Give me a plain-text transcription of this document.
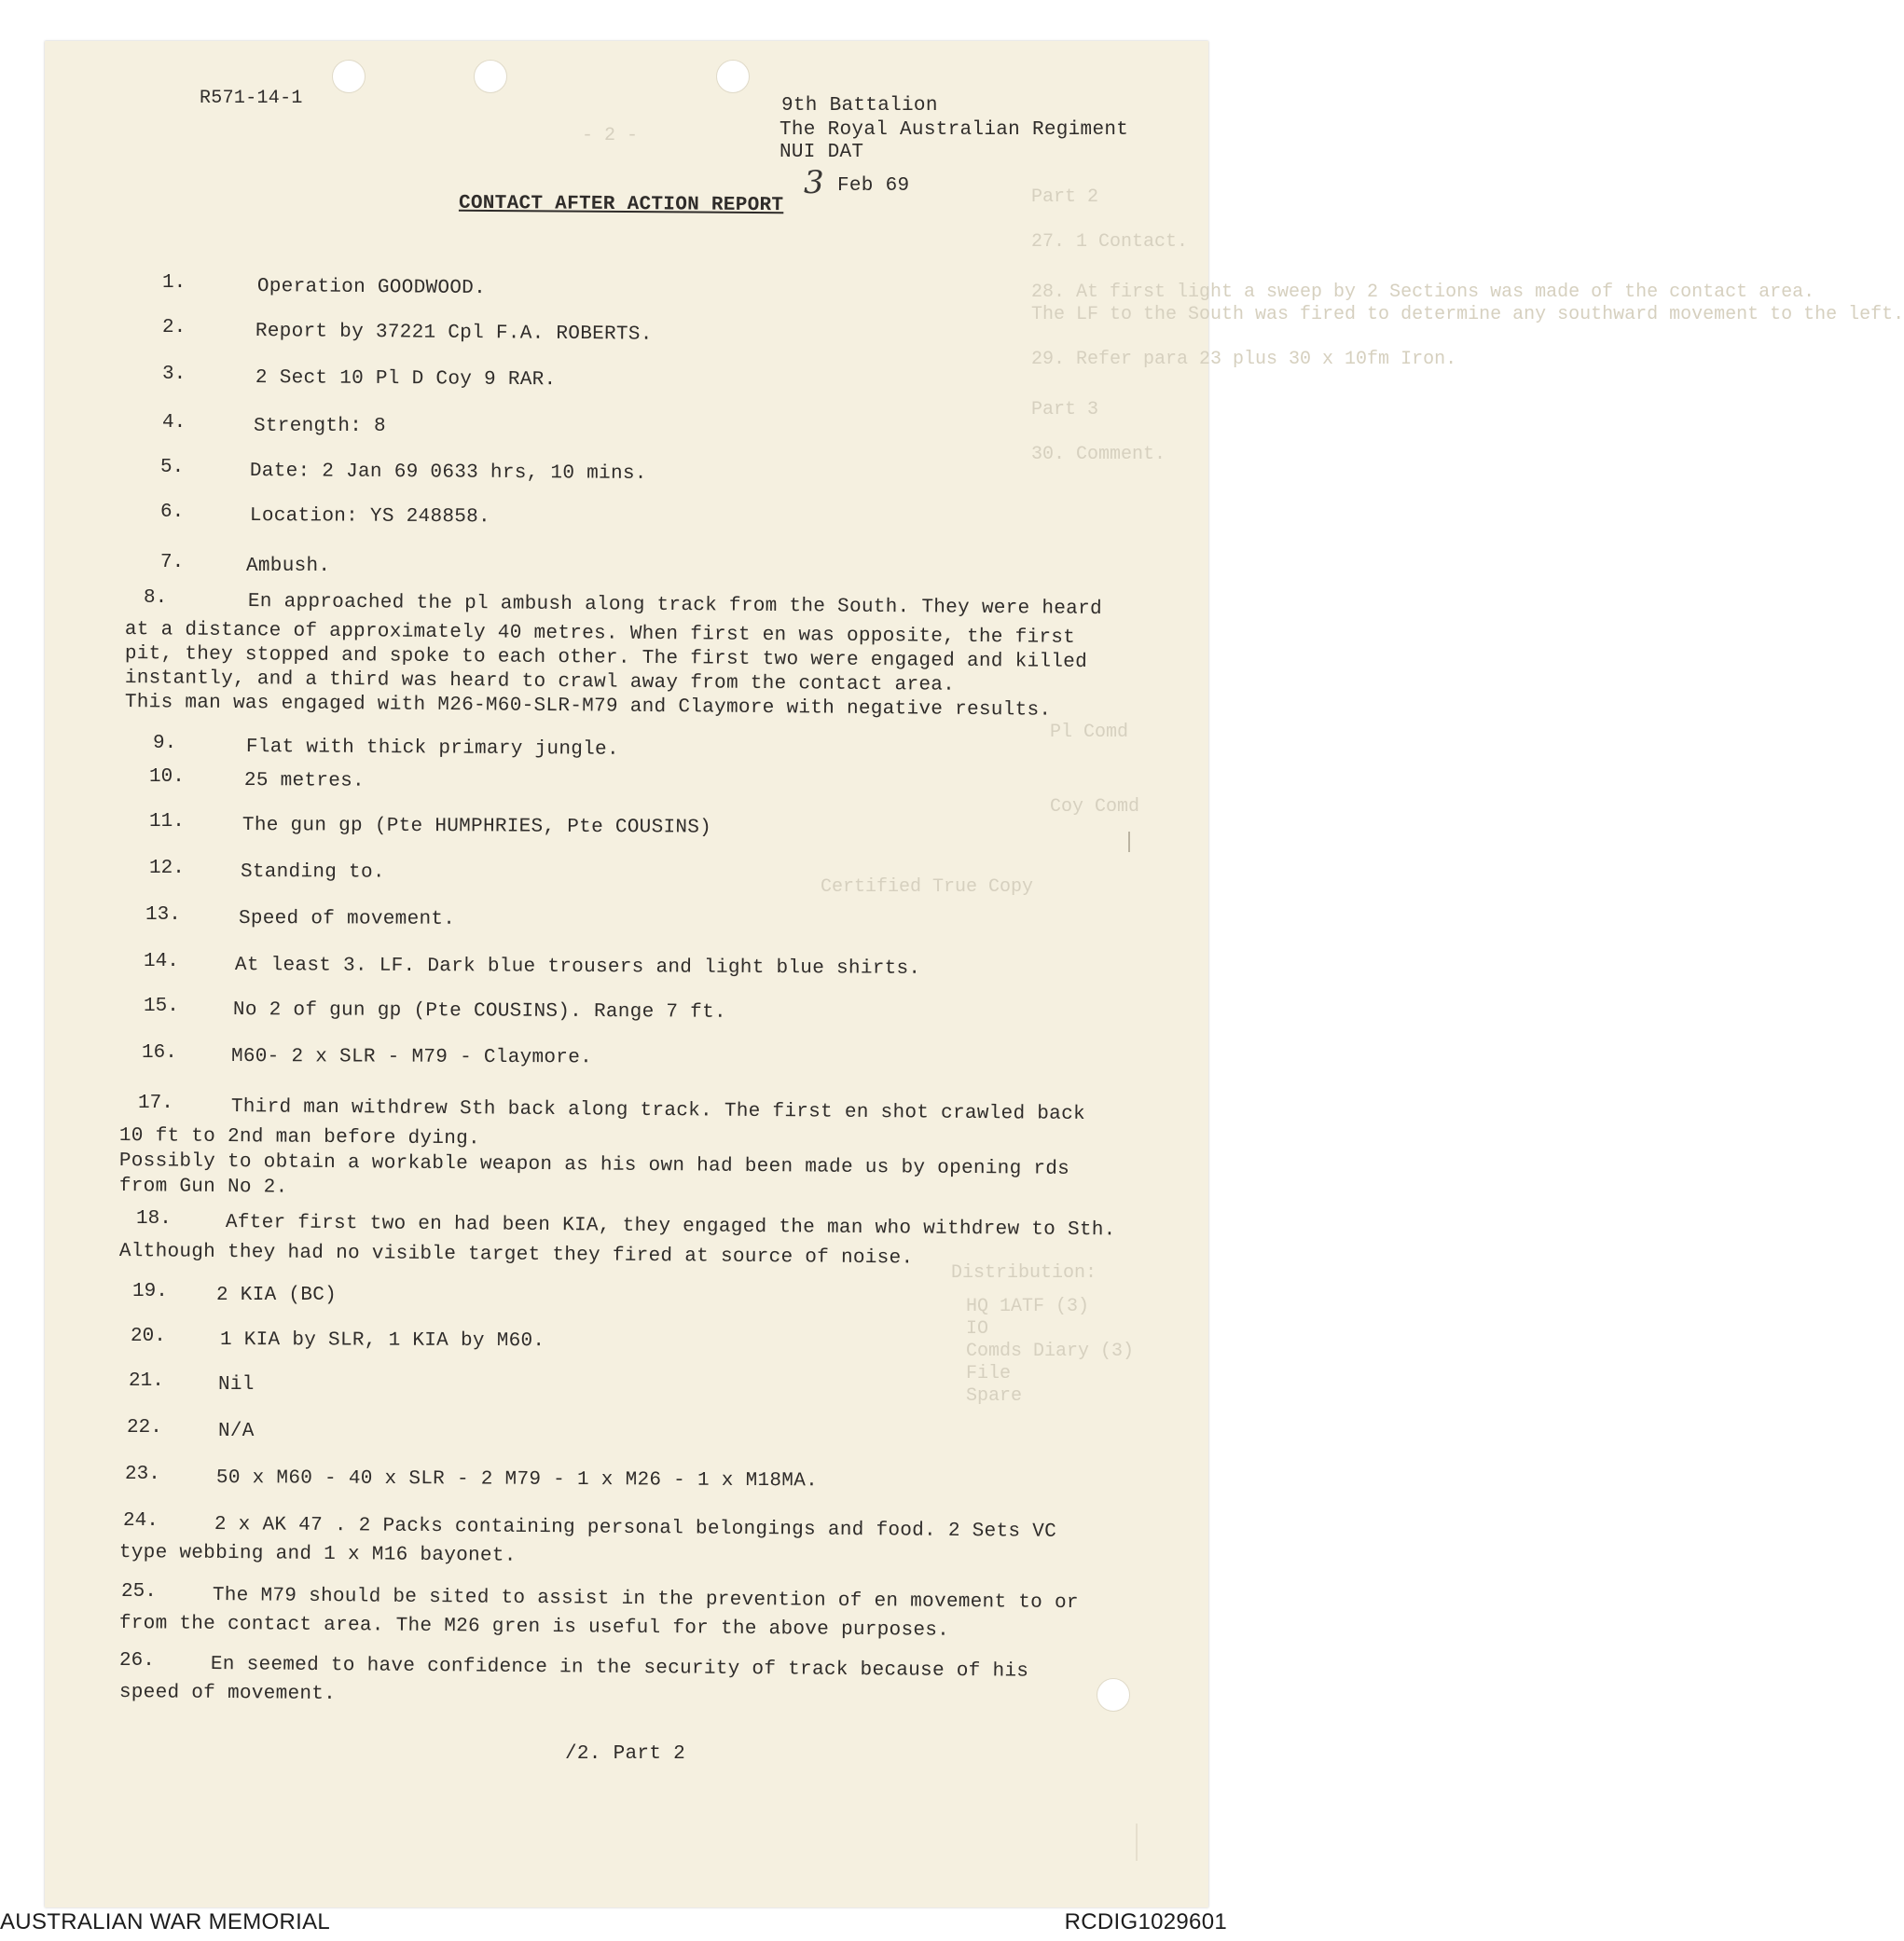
- 2 -
Part 2
27. 1 Contact.
28. At first light a sweep by 2 Sections was made of the contact area.
The LF to the South was fired to determine any southward movement to the left.
29. Refer para 23 plus 30 x 10fm Iron.
Part 3
30. Comment.
Pl Comd
Coy Comd
Certified True Copy
Distribution:
HQ 1ATF (3)
IO
Comds Diary (3)
File
Spare
R571-14-1	9th Battalion
The Royal Australian Regiment
NUI DAT
3 Feb 69
CONTACT AFTER ACTION REPORT
1.	Operation GOODWOOD.
2.	Report by 37221 Cpl F.A. ROBERTS.
3.	2 Sect 10 Pl D Coy 9 RAR.
4.	Strength: 8
5.	Date: 2 Jan 69 0633 hrs, 10 mins.
6.	Location: YS 248858.
7.	Ambush.
8.	En approached the pl ambush along track from the South. They were heard
at a distance of approximately 40 metres. When first en was opposite, the first
pit, they stopped and spoke to each other. The first two were engaged and killed
instantly, and a third was heard to crawl away from the contact area.
This man was engaged with M26-M60-SLR-M79 and Claymore with negative results.
9.	Flat with thick primary jungle.
10.	25 metres.
11.	The gun gp (Pte HUMPHRIES, Pte COUSINS)
12.	Standing to.
13.	Speed of movement.
14.	At least 3. LF. Dark blue trousers and light blue shirts.
15.	No 2 of gun gp (Pte COUSINS). Range 7 ft.
16.	M60- 2 x SLR - M79 - Claymore.
17.	Third man withdrew Sth back along track. The first en shot crawled back
10 ft to 2nd man before dying.
Possibly to obtain a workable weapon as his own had been made us by opening rds
from Gun No 2.
18.	After first two en had been KIA, they engaged the man who withdrew to Sth.
Although they had no visible target they fired at source of noise.
19. 2 KIA (BC)
20.	1 KIA by SLR, 1 KIA by M60.
21.	Nil
22.	N/A
23.	50 x M60 - 40 x SLR - 2 M79 - 1 x M26 - 1 x M18MA.
24.	2 x AK 47 . 2 Packs containing personal belongings and food. 2 Sets VC
type webbing and 1 x M16 bayonet.
25.	The M79 should be sited to assist in the prevention of en movement to or
from the contact area. The M26 gren is useful for the above purposes.
26.	En seemed to have confidence in the security of track because of his
speed of movement.
/2. Part 2
AUSTRALIAN WAR MEMORIAL	RCDIG1029601
